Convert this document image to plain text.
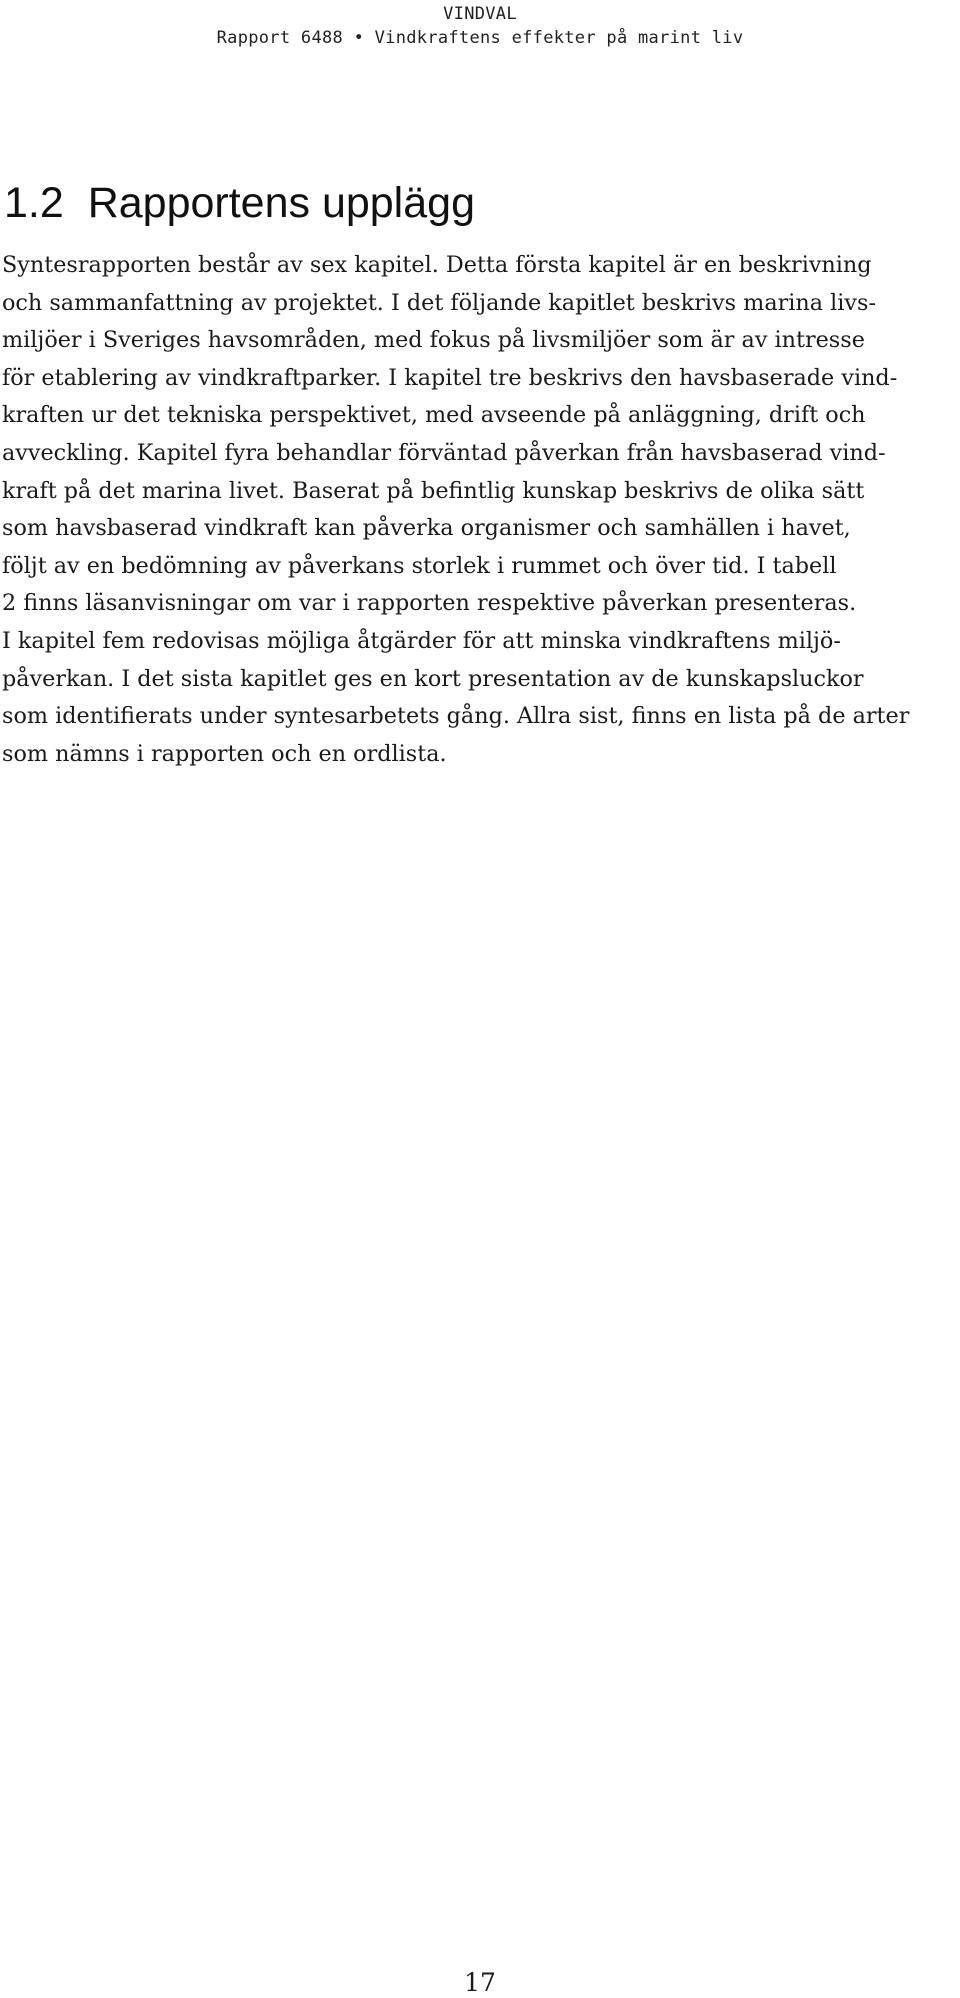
VINDVAL
Rapport 6488 • Vindkraftens effekter på marint liv
1.2 Rapportens upplägg

Syntesrapporten består av sex kapitel. Detta första kapitel är en beskrivning
och sammanfattning av projektet. I det följande kapitlet beskrivs marina livs-
miljöer i Sveriges havsområden, med fokus på livsmiljöer som är av intresse
för etablering av vindkraftparker. I kapitel tre beskrivs den havsbaserade vind-
kraften ur det tekniska perspektivet, med avseende på anläggning, drift och
avveckling. Kapitel fyra behandlar förväntad påverkan från havsbaserad vind-
kraft på det marina livet. Baserat på befintlig kunskap beskrivs de olika sätt
som havsbaserad vindkraft kan påverka organismer och samhällen i havet,
följt av en bedömning av påverkans storlek i rummet och över tid. I tabell
2 finns läsanvisningar om var i rapporten respektive påverkan presenteras.
I kapitel fem redovisas möjliga åtgärder för att minska vindkraftens miljö-
påverkan. I det sista kapitlet ges en kort presentation av de kunskapsluckor
som identifierats under syntesarbetets gång. Allra sist, finns en lista på de arter
som nämns i rapporten och en ordlista.

17
